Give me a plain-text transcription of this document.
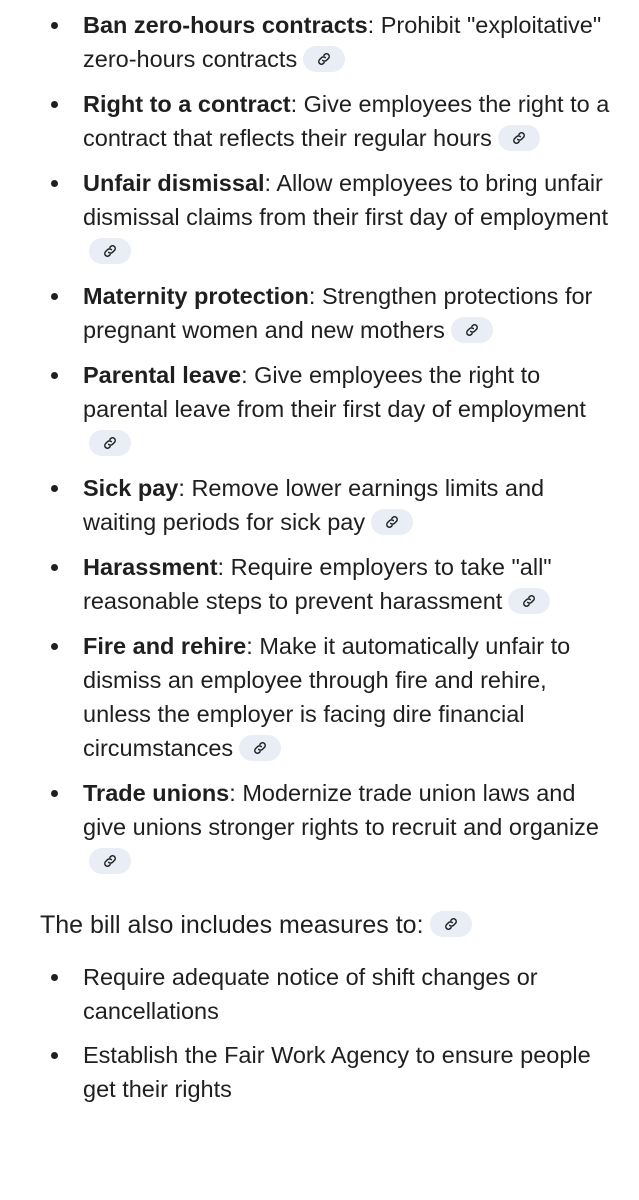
Ban zero-hours contracts: Prohibit "exploitative" zero-hours contracts
Right to a contract: Give employees the right to a contract that reflects their regular hours
Unfair dismissal: Allow employees to bring unfair dismissal claims from their first day of employment
Maternity protection: Strengthen protections for pregnant women and new mothers
Parental leave: Give employees the right to parental leave from their first day of employment
Sick pay: Remove lower earnings limits and waiting periods for sick pay
Harassment: Require employers to take "all" reasonable steps to prevent harassment
Fire and rehire: Make it automatically unfair to dismiss an employee through fire and rehire, unless the employer is facing dire financial circumstances
Trade unions: Modernize trade union laws and give unions stronger rights to recruit and organize
The bill also includes measures to:
Require adequate notice of shift changes or cancellations
Establish the Fair Work Agency to ensure people get their rights
